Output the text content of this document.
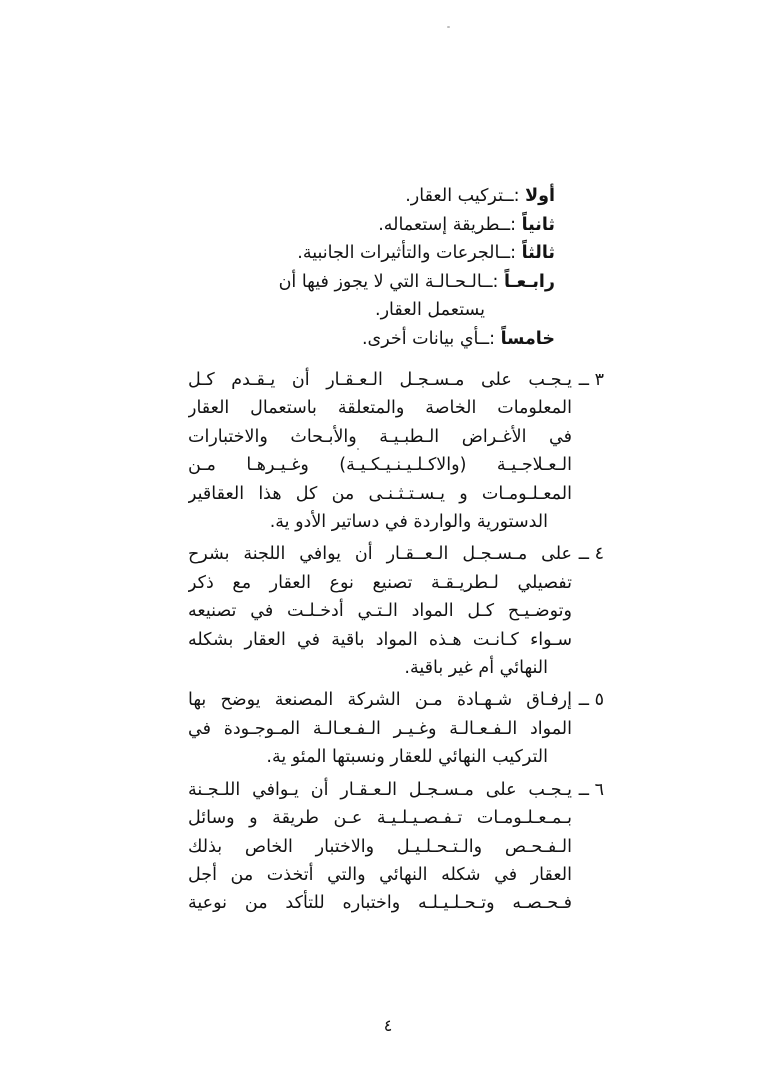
أولا :ــتركيب العقار.
ثانياً :ــطريقة إستعماله.
ثالثاً :ــالجرعات والتأثيرات الجانبية.
رابـعـاً :ــالـحـالـة التي لا يجوز فيها أن
يستعمل العقار.
خامساً :ــأي بيانات أخرى.
٣ ــ
يـجـب على مـسـجـل الـعـقـار أن يـقـدم كـل
المعلومات الخاصة والمتعلقة باستعمال العقار
في الأغـراض الـطبـيـة والأبـحاث والاختبارات
الـعـلاجـيـة (والاكـلـيـنـيـكـيـة) وغـيـرهـا مـن
المعـلـومـات و يـسـتـثـنـى من كل هذا العقاقير
الدستورية والواردة في دساتير الأدو ية.
٤ ــ
على مـسـجـل الـعــقـار أن يوافي اللجنة بشرح
تفصيلي لـطريـقـة تصنيع نوع العقار مع ذكر
وتوضـيـح كـل المواد الـتـي أدخـلـت في تصنيعه
سـواء كـانـت هـذه المواد باقية في العقار بشكله
النهائي أم غير باقية.
٥ ــ
إرفـاق شـهـادة مـن الشركة المصنعة يوضح بها
المواد الـفـعـالـة وغـيـر الـفـعـالـة المـوجـودة في
التركيب النهائي للعقار ونسبتها المئو ية.
٦ ــ
يـجـب على مـسـجـل الـعـقـار أن يـوافي اللـجـنة
بـمـعـلـومـات تـفـصـيـلـيـة عـن طريقة و وسائل
الـفـحـص والـتـحـلـيـل والاختبار الخاص بذلك
العقار في شكله النهائي والتي أتخذت من أجل
فـحـصـه وتـحـلـيـلـه واختباره للتأكد من نوعية
٤
